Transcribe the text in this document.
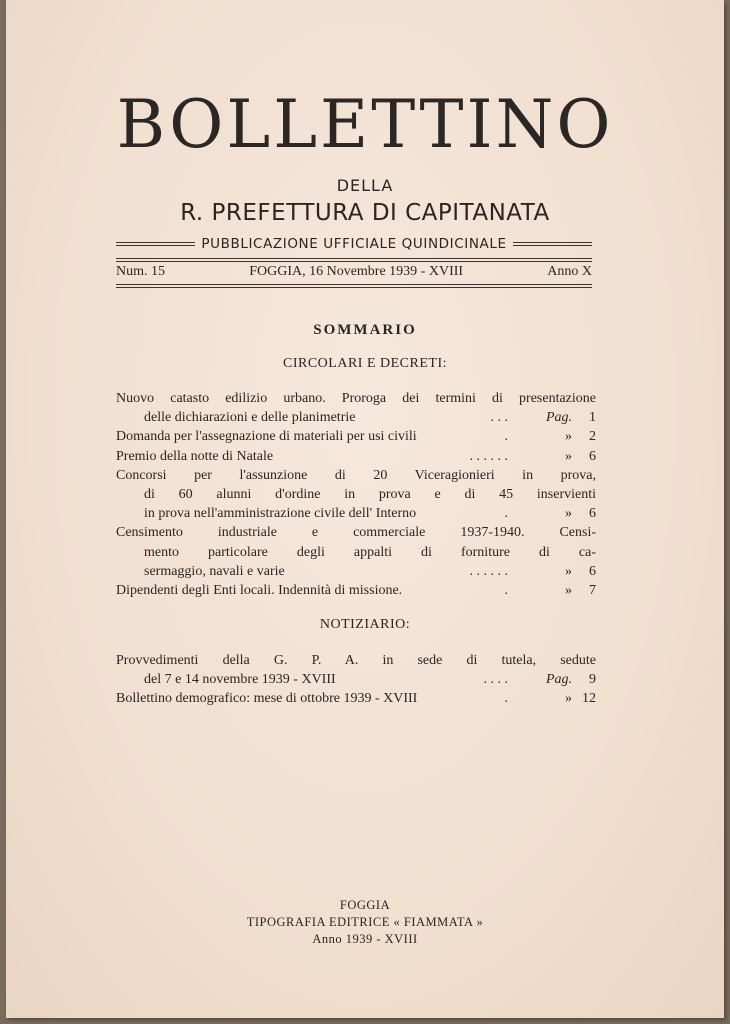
BOLLETTINO
DELLA
R. PREFETTURA DI CAPITANATA
PUBBLICAZIONE UFFICIALE QUINDICINALE
Num. 15	FOGGIA, 16 Novembre 1939 - XVIII	Anno X
SOMMARIO
CIRCOLARI E DECRETI:
Nuovo catasto edilizio urbano. Proroga dei termini di presentazione
delle dichiarazioni e delle planimetrie	. . .	Pag.	1
Domanda per l'assegnazione di materiali per usi civili	.	»	2
Premio della notte di Natale	. . . . . .	»	6
Concorsi per l'assunzione di 20 Viceragionieri in prova,
di 60 alunni d'ordine in prova e di 45 inservienti
in prova nell'amministrazione civile dell' Interno	.	»	6
Censimento industriale e commerciale 1937-1940. Censi-
mento particolare degli appalti di forniture di ca-
sermaggio, navali e varie	. . . . . .	»	6
Dipendenti degli Enti locali. Indennità di missione.	.	»	7
NOTIZIARIO:
Provvedimenti della G. P. A. in sede di tutela, sedute
del 7 e 14 novembre 1939 - XVIII	. . . .	Pag.	9
Bollettino demografico: mese di ottobre 1939 - XVIII	.	» 12
FOGGIA
TIPOGRAFIA EDITRICE « FIAMMATA »
Anno 1939 - XVIII
